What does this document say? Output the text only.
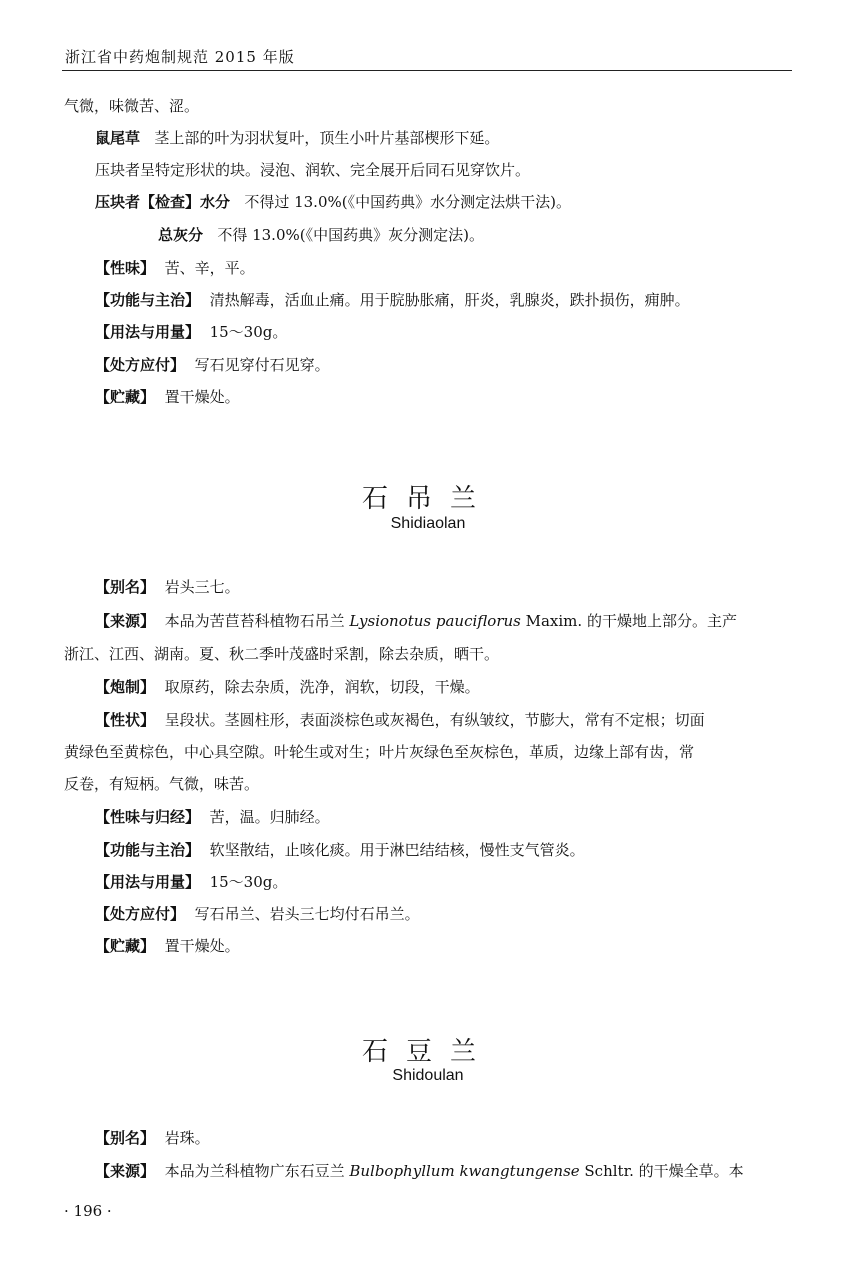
浙江省中药炮制规范 2015 年版
气微，味微苦、涩。
鼠尾草 茎上部的叶为羽状复叶，顶生小叶片基部楔形下延。
压块者呈特定形状的块。浸泡、润软、完全展开后同石见穿饮片。
压块者【检查】水分 不得过 13.0%(《中国药典》水分测定法烘干法)。
总灰分 不得 13.0%(《中国药典》灰分测定法)。
【性味】 苦、辛，平。
【功能与主治】 清热解毒，活血止痛。用于脘胁胀痛，肝炎，乳腺炎，跌扑损伤，痈肿。
【用法与用量】 15～30g。
【处方应付】 写石见穿付石见穿。
【贮藏】 置干燥处。
石吊兰
Shidiaolan
【别名】 岩头三七。
【来源】 本品为苦苣苔科植物石吊兰 Lysionotus pauciflorus Maxim. 的干燥地上部分。主产
浙江、江西、湖南。夏、秋二季叶茂盛时采割，除去杂质，晒干。
【炮制】 取原药，除去杂质，洗净，润软，切段，干燥。
【性状】 呈段状。茎圆柱形，表面淡棕色或灰褐色，有纵皱纹，节膨大，常有不定根；切面
黄绿色至黄棕色，中心具空隙。叶轮生或对生；叶片灰绿色至灰棕色，革质，边缘上部有齿，常
反卷，有短柄。气微，味苦。
【性味与归经】 苦，温。归肺经。
【功能与主治】 软坚散结，止咳化痰。用于淋巴结结核，慢性支气管炎。
【用法与用量】 15～30g。
【处方应付】 写石吊兰、岩头三七均付石吊兰。
【贮藏】 置干燥处。
石豆兰
Shidoulan
【别名】 岩珠。
【来源】 本品为兰科植物广东石豆兰 Bulbophyllum kwangtungense Schltr. 的干燥全草。本
· 196 ·
